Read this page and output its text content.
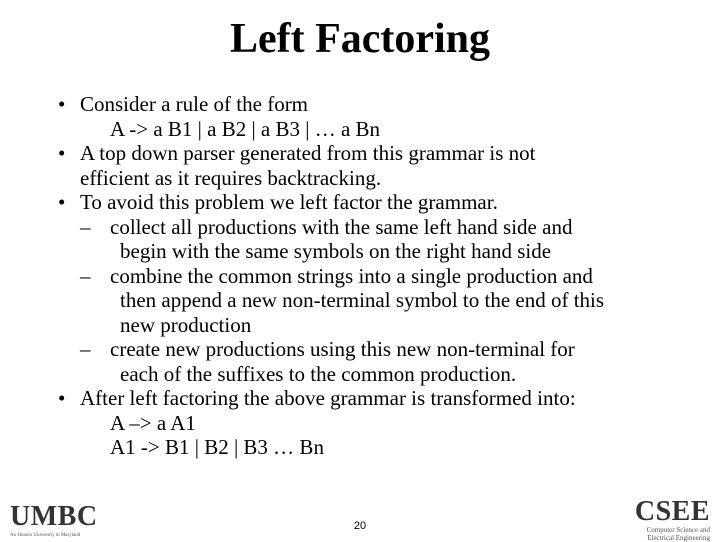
Left Factoring
• Consider a rule of the form
A -> a B1 | a B2 | a B3 | … a Bn
• A top down parser generated from this grammar is not
efficient as it requires backtracking.
• To avoid this problem we left factor the grammar.
– collect all productions with the same left hand side and
begin with the same symbols on the right hand side
– combine the common strings into a single production and
then append a new non-terminal symbol to the end of this
new production
– create new productions using this new non-terminal for
each of the suffixes to the common production.
• After left factoring the above grammar is transformed into:
A –> a A1
A1 -> B1 | B2 | B3 … Bn
UMBC
An Honors University in Maryland
20	CSEE
Computer Science and
Electrical Engineering
